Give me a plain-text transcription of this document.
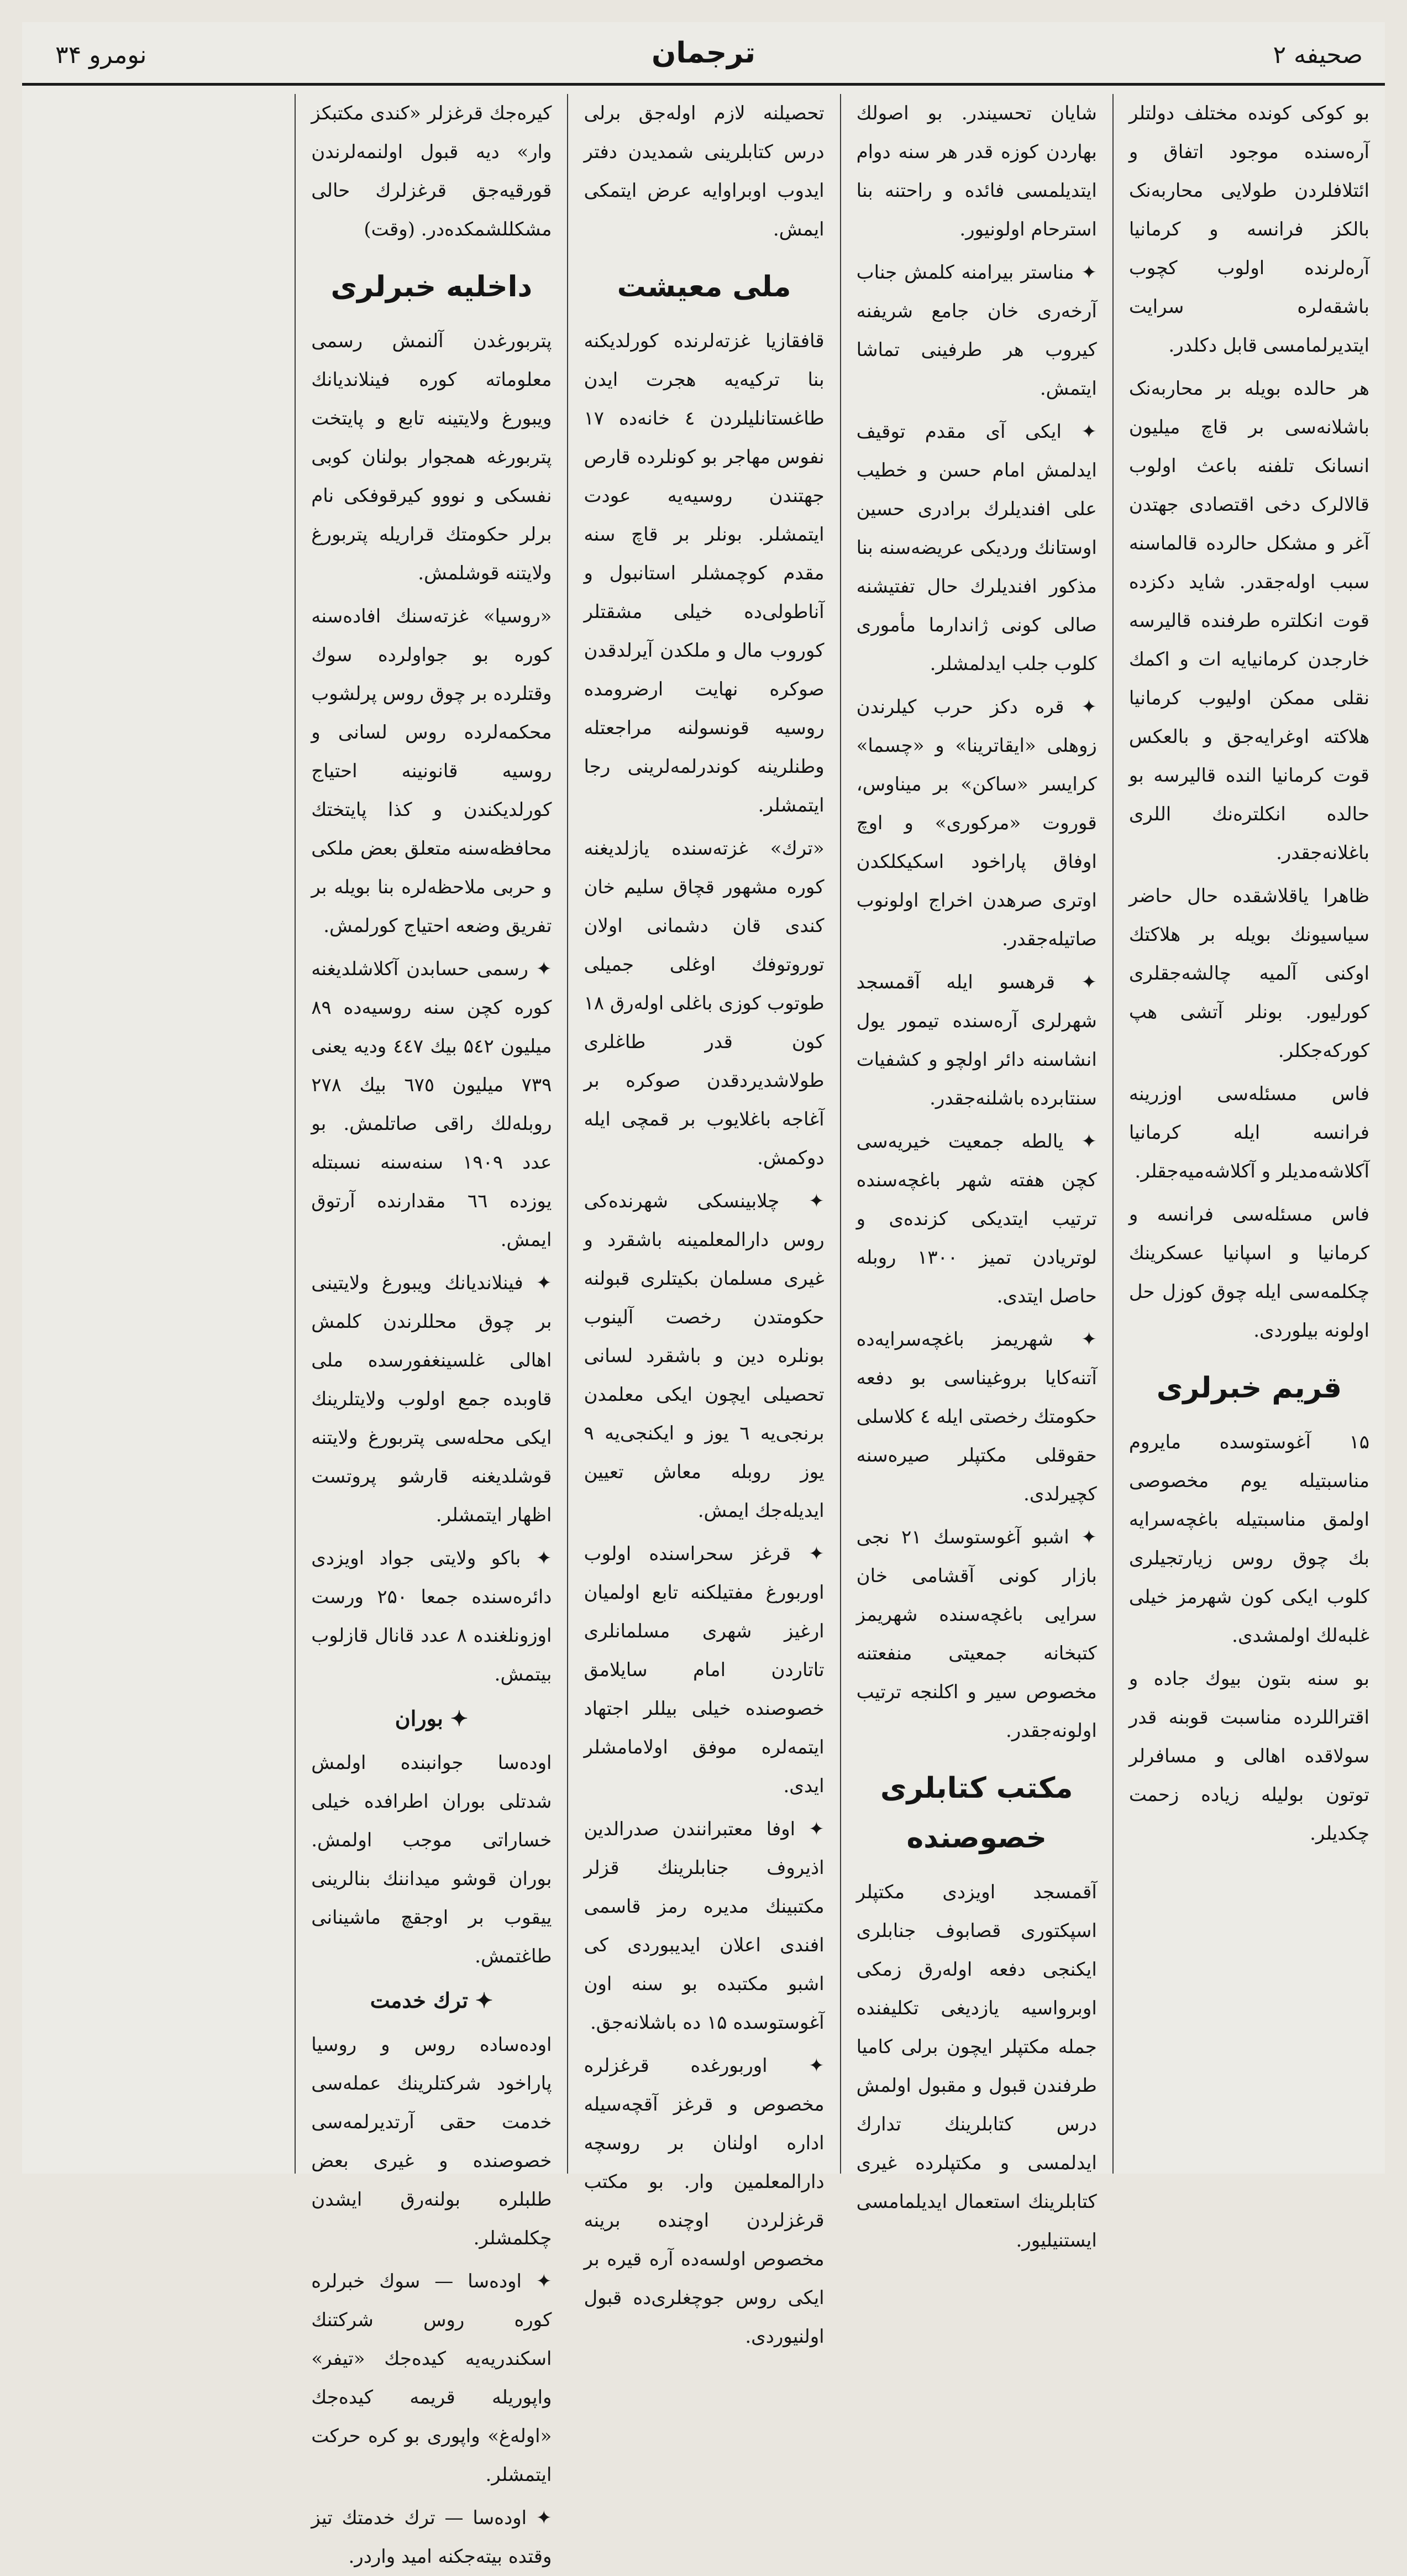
صحیفه ۲
ترجمان
نومرو ۳۴

بو کوکی کونده مختلف دولتلر آره‌سنده موجود اتفاق و ائتلافلردن طولایی محاربه‌نک بالکز فرانسه و کرمانیا آره‌لرنده اولوب کچوب باشقه‌لره سرایت ایتدیرلمامسی قابل دکلدر.

هر حالده بویله بر محاربه‌نک باشلانه‌سی بر قاچ میلیون انسانک تلفنه باعث اولوب قالالرک دخی اقتصادی جهتدن آغر و مشکل حالرده قالماسنه سبب اوله‌جقدر. شاید دکزده قوت انکلتره طرفنده قالیرسه خارجدن کرمانیایه ات و اکمك نقلی ممکن اولیوب کرمانیا هلاکته اوغرایه‌جق و بالعکس قوت کرمانیا النده قالیرسه بو حالده انکلتره‌نك اللری باغلانه‌جقدر.

ظاهرا یاقلاشقده حال حاضر سیاسیونك بویله بر هلاکتك اوکنی آلمیه چالشه‌جقلری کورلیور. بونلر آتشی هپ کورکه‌جکلر.

فاس مسئله‌سی اوزرینه فرانسه ایله کرمانیا آکلاشه‌مدیلر و آکلاشه‌میه‌جقلر.

فاس مسئله‌سی فرانسه و کرمانیا و اسپانیا عسکرینك چکلمه‌سی ایله چوق کوزل حل اولونه بیلوردی.

قریم خبرلری

۱۵ آغوستوسده مایروم مناسبتیله یوم مخصوصی اولمق مناسبتیله باغچه‌سرایه بك چوق روس زیارتجیلری کلوب ایکی کون شهرمز خیلی غلبه‌لك اولمشدی.

بو سنه بتون بیوك جاده و اقتراللرده مناسبت قوبنه قدر سولاقده اهالی و مسافرلر توتون بولیله زیاده زحمت چکدیلر.

شایان تحسیندر. بو اصولك بهاردن کوزه قدر هر سنه دوام ایتدیلمسی فائده و راحتنه بنا استرحام اولونیور.

✦ مناستر بیرامنه کلمش جناب آرخه‌ری خان جامع شریفنه کیروب هر طرفینی تماشا ایتمش.

✦ ایکی آی مقدم توقیف ایدلمش امام حسن و خطیب علی افندیلرك برادری حسین اوستانك وردیکی عریضه‌سنه بنا مذکور افندیلرك حال تفتیشنه صالی کونی ژاندارما مأموری کلوب جلب ایدلمشلر.

✦ قره دکز حرب کیلرندن زوهلی «ایقاترینا» و «چسما» کرایسر «ساکن» بر میناوس، قوروت «مرکوری» و اوچ اوفاق پاراخود اسکیکلکدن اوتری صرهدن اخراج اولونوب صاتیله‌جقدر.

✦ قرهسو ایله آقمسجد شهرلری آره‌سنده تیمور یول انشاسنه دائر اولچو و کشفیات سنتابرده باشلنه‌جقدر.

✦ یالطه جمعیت خیریه‌سی کچن هفته شهر باغچه‌سنده ترتیب ایتدیکی کزنده‌ی و لوتریادن تمیز ۱۳۰۰ روبله حاصل ایتدی.

✦ شهریمز باغچه‌سرایه‌ده آتنه‌کایا بروغیناسی بو دفعه حکومتك رخصتی ایله ٤ کلاسلی حقوقلی مکتپلر صیره‌سنه کچیرلدی.

✦ اشبو آغوستوسك ۲۱ نجی بازار کونی آقشامی خان سرایی باغچه‌سنده شهریمز کتبخانه جمعیتی منفعتنه مخصوص سیر و اکلنجه ترتیب اولونه‌جقدر.

مکتب کتابلری خصوصنده

آقمسجد اویزدی مکتپلر اسپکتوری قصابوف جنابلری ایکنجی دفعه اولەرق زمکی اوبرواسیه یازدیغی تکلیفنده جمله مکتپلر ایچون برلی کامیا طرفندن قبول و مقبول اولمش درس کتابلرینك تدارك ایدلمسی و مکتپلرده غیری کتابلرینك استعمال ایدیلمامسی ایستنیلیور.

تحصیلنه لازم اوله‌جق برلی درس کتابلرینی شمدیدن دفتر ایدوب اوبراوایه عرض ایتمکی ایمش.

ملی معیشت

قافقازیا غزته‌لرنده کورلدیکنه بنا ترکیه‌یه هجرت ایدن طاغستانلیلردن ٤ خانه‌ده ۱۷ نفوس مهاجر بو کونلرده قارص جهتندن روسیه‌یه عودت ایتمشلر. بونلر بر قاچ سنه مقدم کوچمشلر استانبول و آناطولی‌ده خیلی مشقتلر کوروب مال و ملکدن آیرلدقدن صوکره نهایت ارضرومده روسیه قونسولنه مراجعتله وطنلرینه کوندرلمه‌لرینی رجا ایتمشلر.

«ترك» غزته‌سنده یازلدیغنه کوره مشهور قچاق سلیم خان کندی قان دشمانی اولان توروتوفك اوغلی جمیلی طوتوب کوزی باغلی اوله‌رق ۱۸ کون قدر طاغلری طولاشدیردقدن صوکره بر آغاجه باغلایوب بر قمچی ایله دوکمش.

✦ چلابینسکی شهرنده‌کی روس دارالمعلمینه باشقرد و غیری مسلمان بکیتلری قبولنه حکومتدن رخصت آلینوب بونلره دین و باشقرد لسانی تحصیلی ایچون ایکی معلمدن برنجی‌یه ٦ یوز و ایکنجی‌یه ۹ یوز روبله معاش تعیین ایدیله‌جك ایمش.

✦ قرغز سحراسنده اولوب اوربورغ مفتیلکنه تابع اولمیان ارغیز شهری مسلمانلری تاتاردن امام سایلامق خصوصنده خیلی بیللر اجتهاد ایتمه‌لره موفق اولامامشلر ایدی.

✦ اوفا معتبرانندن صدرالدین اذیروف جنابلرینك قزلر مکتبینك مدیره رمز قاسمی افندی اعلان ایدیبوردی کی اشبو مکتبده بو سنه اون آغوستوسده ۱۵ ده باشلانه‌جق.

✦ اوربورغده قرغزلره مخصوص و قرغز آقچه‌سیله اداره اولنان بر روسچه دارالمعلمین وار. بو مکتب قرغزلردن اوچنده برینه مخصوص اولسه‌ده آره قیره بر ایکی روس جوچغلری‌ده قبول اولنیوردی.

کیره‌جك قرغزلر «کندی مکتبکز وار» دیه قبول اولنمه‌لرندن قورقیه‌جق قرغزلرك حالی مشکللشمکده‌در. (وقت)

داخلیه خبرلری

پتربورغدن آلنمش رسمی معلوماته کوره فینلاندیانك ویبورغ ولایتینه تابع و پایتخت پتربورغه همجوار بولنان کوبی نفسکی و نووو کیرقوفکی نام برلر حکومتك قراریله پتربورغ ولایتنه قوشلمش.

«روسیا» غزته‌سنك افاده‌سنه کوره بو جواولرده سوك وقتلرده بر چوق روس پرلشوب محکمه‌لرده روس لسانی و روسیه قانونینه احتیاج کورلدیکندن و کذا پایتختك محافظه‌سنه متعلق بعض ملکی و حربی ملاحظه‌لره بنا بویله بر تفریق وضعه احتیاج کورلمش.

✦ رسمی حسابدن آکلاشلدیغنه کوره کچن سنه روسیه‌ده ۸۹ میلیون ۵٤۲ بیك ٤٤۷ ودیه یعنی ۷۳۹ میلیون ٦۷٥ بیك ۲۷۸ روبله‌لك راقی صاتلمش. بو عدد ۱۹۰۹ سنه‌سنه نسبتله یوزده ٦٦ مقدارنده آرتوق ایمش.

✦ فینلاندیانك ویبورغ ولایتینی بر چوق محللرندن کلمش اهالی غلسینغفورسده ملی قاوبده جمع اولوب ولایتلرینك ایکی محله‌سی پتربورغ ولایتنه قوشلدیغنه قارشو پروتست اظهار ایتمشلر.

✦ باکو ولایتی جواد اویزدی دائره‌سنده جمعا ۲۵۰ ورست اوزونلغنده ۸ عدد قانال قازلوب بیتمش.

✦ بوران

اوده‌سا جوانبنده اولمش شدتلی بوران اطرافده خیلی خساراتی موجب اولمش. بوران قوشو میداننك بنالرینی ییقوب بر اوجقچ ماشینانی طاغتمش.

✦ ترك خدمت

اوده‌ساده روس و روسیا پاراخود شرکتلرینك عمله‌سی خدمت حقی آرتدیرلمه‌سی خصوصنده و غیری بعض طلبلره بولنه‌رق ایشدن چکلمشلر.

✦ اوده‌سا — سوك خبرلره کوره روس شرکتنك اسکندریه‌یه کیده‌جك «تیفر» واپوریله قریمه کیده‌جك «اوله‌غ» واپوری بو کره حرکت ایتمشلر.

✦ اوده‌سا — ترك خدمتك تیز وقتده بیته‌جکنه امید واردر.
